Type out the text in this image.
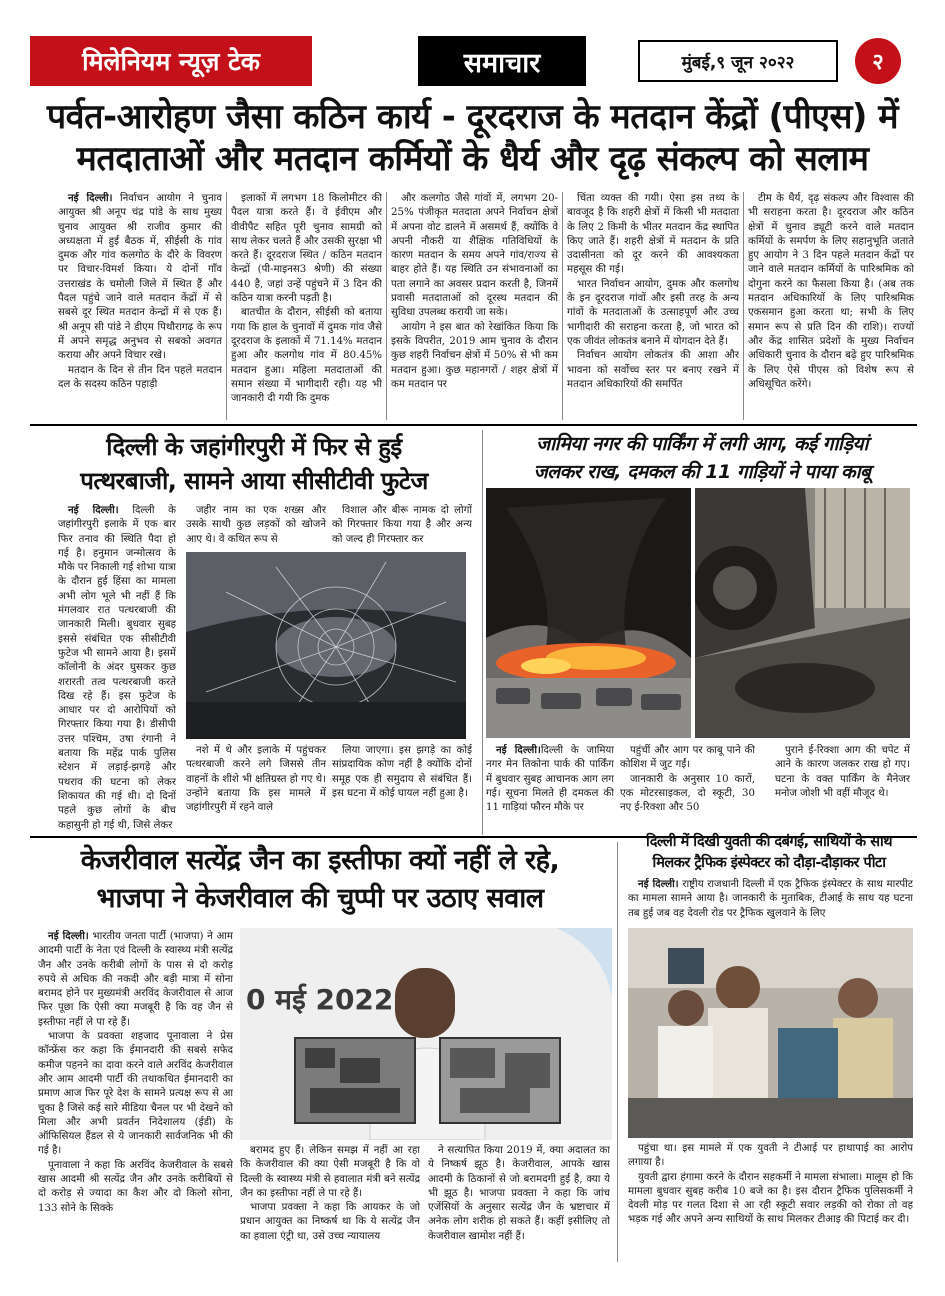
मिलेनियम न्यूज़ टेक	समाचार	मुंबई,९ जून २०२२	२
पर्वत-आरोहण जैसा कठिन कार्य - दूरदराज के मतदान केंद्रों (पीएस) में
मतदाताओं और मतदान कर्मियों के धैर्य और दृढ़ संकल्प को सलाम

नई दिल्ली। निर्वाचन आयोग ने चुनाव आयुक्त श्री अनूप चंद्र पांडे के साथ मुख्य चुनाव आयुक्त श्री राजीव कुमार की अध्यक्षता में हुई बैठक में, सीईसी के गांव दुमक और गांव कलगोठ के दौरे के विवरण पर विचार-विमर्श किया। ये दोनों गाँव उत्तराखंड के चमोली जिले में स्थित हैं और पैदल पहुंचे जाने वाले मतदान केंद्रों में से सबसे दूर स्थित मतदान केन्द्रों में से एक हैं। श्री अनूप सी पांडे ने डीएम पिथौरागढ़ के रूप में अपने समृद्ध अनुभव से सबको अवगत कराया और अपने विचार रखे।

मतदान के दिन से तीन दिन पहले मतदान दल के सदस्य कठिन पहाड़ी

इलाकों में लगभग 18 किलोमीटर की पैदल यात्रा करते हैं। वे ईवीएम और वीवीपैट सहित पूरी चुनाव सामग्री को साथ लेकर चलते हैं और उसकी सुरक्षा भी करते हैं। दूरदराज स्थित / कठिन मतदान केन्द्रों (पी-माइनस3 श्रेणी) की संख्या 440 है, जहां उन्हें पहुंचने में 3 दिन की कठिन यात्रा करनी पड़ती है।

बातचीत के दौरान, सीईसी को बताया गया कि हाल के चुनावों में दुमक गांव जैसे दूरदराज के इलाकों में 71.14% मतदान हुआ और कलगोथ गांव में 80.45% मतदान हुआ। महिला मतदाताओं की समान संख्या में भागीदारी रही। यह भी जानकारी दी गयी कि दुमक

और कलगोठ जैसे गांवों में, लगभग 20-25% पंजीकृत मतदाता अपने निर्वाचन क्षेत्रों में अपना वोट डालने में असमर्थ हैं, क्योंकि वे अपनी नौकरी या शैक्षिक गतिविधियों के कारण मतदान के समय अपने गांव/राज्य से बाहर होते हैं। यह स्थिति उन संभावनाओं का पता लगाने का अवसर प्रदान करती है, जिनमें प्रवासी मतदाताओं को दूरस्थ मतदान की सुविधा उपलब्ध करायी जा सके।

आयोग ने इस बात को रेखांकित किया कि इसके विपरीत, 2019 आम चुनाव के दौरान कुछ शहरी निर्वाचन क्षेत्रों में 50% से भी कम मतदान हुआ। कुछ महानगरों / शहर क्षेत्रों में कम मतदान पर

चिंता व्यक्त की गयी। ऐसा इस तथ्य के बावजूद है कि शहरी क्षेत्रों में किसी भी मतदाता के लिए 2 किमी के भीतर मतदान केंद्र स्थापित किए जाते हैं। शहरी क्षेत्रों में मतदान के प्रति उदासीनता को दूर करने की आवश्यकता महसूस की गई।

भारत निर्वाचन आयोग, दुमक और कलगोथ के इन दूरदराज गांवों और इसी तरह के अन्य गांवों के मतदाताओं के उत्साहपूर्ण और उच्च भागीदारी की सराहना करता है, जो भारत को एक जीवंत लोकतंत्र बनाने में योगदान देते हैं।

निर्वाचन आयोग लोकतंत्र की आशा और भावना को सर्वोच्च स्तर पर बनाए रखने में मतदान अधिकारियों की समर्पित

टीम के धैर्य, दृढ़ संकल्प और विश्वास की भी सराहना करता है। दूरदराज और कठिन क्षेत्रों में चुनाव ड्यूटी करने वाले मतदान कर्मियों के समर्पण के लिए सहानुभूति जताते हुए आयोग ने 3 दिन पहले मतदान केंद्रों पर जाने वाले मतदान कर्मियों के पारिश्रमिक को दोगुना करने का फैसला किया है। (अब तक मतदान अधिकारियों के लिए पारिश्रमिक एकसमान हुआ करता था; सभी के लिए समान रूप से प्रति दिन की राशि)। राज्यों और केंद्र शासित प्रदेशों के मुख्य निर्वाचन अधिकारी चुनाव के दौरान बढ़े हुए पारिश्रमिक के लिए ऐसे पीएस को विशेष रूप से अधिसूचित करेंगे।

दिल्ली के जहांगीरपुरी में फिर से हुई
पत्थरबाजी, सामने आया सीसीटीवी फुटेज

नई दिल्ली। दिल्ली के जहांगीरपुरी इलाके में एक बार फिर तनाव की स्थिति पैदा हो गई है। हनुमान जन्मोत्सव के मौके पर निकाली गई शोभा यात्रा के दौरान हुई हिंसा का मामला अभी लोग भूले भी नहीं हैं कि मंगलवार रात पत्थरबाजी की जानकारी मिली। बुधवार सुबह इससे संबंधित एक सीसीटीवी फुटेज भी सामने आया है। इसमें कॉलोनी के अंदर घुसकर कुछ शरारती तत्व पत्थरबाजी करते दिख रहे हैं। इस फुटेज के आधार पर दो आरोपियों को गिरफ्तार किया गया है। डीसीपी उत्तर पश्चिम, उषा रंगानी ने बताया कि महेंद्र पार्क पुलिस स्टेशन में लड़ाई-झगड़े और पथराव की घटना को लेकर शिकायत की गई थी। दो दिनों पहले कुछ लोगों के बीच कहासुनी हो गई थी, जिसे लेकर

जहीर नाम का एक शख्स और उसके साथी कुछ लड़कों को खोजने आए थे। वे कथित रूप से

विशाल और बीरू नामक दो लोगों को गिरफ्तार किया गया है और अन्य को जल्द ही गिरफ्तार कर

नशे में थे और इलाके में पहुंचकर पत्थरबाजी करने लगे जिससे तीन वाहनों के शीशे भी क्षतिग्रस्त हो गए थे। उन्होंने बताया कि इस मामले में जहांगीरपुरी में रहने वाले

लिया जाएगा। इस झगड़े का कोई सांप्रदायिक कोण नहीं है क्योंकि दोनों समूह एक ही समुदाय से संबंधित हैं। इस घटना में कोई घायल नहीं हुआ है।

जामिया नगर की पार्किंग में लगी आग, कई गाड़ियां
जलकर राख, दमकल की 11 गाड़ियों ने पाया काबू

नई दिल्ली।दिल्ली के जामिया नगर मेन तिकोना पार्क की पार्किंग में बुधवार सुबह आचानक आग लग गई। सूचना मिलते ही दमकल की 11 गाड़ियां फौरन मौके पर

पहुंचीं और आग पर काबू पाने की कोशिश में जुट गईं।

जानकारी के अनुसार 10 कारों, एक मोटरसाइकल, दो स्कूटी, 30 नए ई-रिक्शा और 50

पुराने ई-रिक्शा आग की चपेट में आने के कारण जलकर राख हो गए। घटना के वक्त पार्किंग के मैनेजर मनोज जोशी भी वहीं मौजूद थे।

केजरीवाल सत्येंद्र जैन का इस्तीफा क्यों नहीं ले रहे,
भाजपा ने केजरीवाल की चुप्पी पर उठाए सवाल

नई दिल्ली। भारतीय जनता पार्टी (भाजपा) ने आम आदमी पार्टी के नेता एवं दिल्ली के स्वास्थ्य मंत्री सत्येंद्र जैन और उनके करीबी लोगों के पास से दो करोड़ रुपये से अधिक की नकदी और बड़ी मात्रा में सोना बरामद होने पर मुख्यमंत्री अरविंद केजरीवाल से आज फिर पूछा कि ऐसी क्या मजबूरी है कि वह जैन से इस्तीफा नहीं ले पा रहे हैं।

भाजपा के प्रवक्ता शहजाद पूनावाला ने प्रेस कॉन्फ्रेंस कर कहा कि ईमानदारी की सबसे सफेद कमीज पहनने का दावा करने वाले अरविंद केजरीवाल और आम आदमी पार्टी की तथाकथित ईमानदारी का प्रमाण आज फिर पूरे देश के सामने प्रत्यक्ष रूप से आ चुका है जिसे कई सारे मीडिया चैनल पर भी देखने को मिला और अभी प्रवर्तन निदेशालय (ईडी) के ऑफिसियल हैंडल से ये जानकारी सार्वजनिक भी की गई है।

पूनावाला ने कहा कि अरविंद केजरीवाल के सबसे खास आदमी श्री सत्येंद्र जैन और उनके करीबियों से दो करोड़ से ज्यादा का कैश और दो किलो सोना, 133 सोने के सिक्के

0 मई 2022

बरामद हुए हैं। लेकिन समझ में नहीं आ रहा कि केजरीवाल की क्या ऐसी मजबूरी है कि वो दिल्ली के स्वास्थ्य मंत्री से हवालात मंत्री बने सत्येंद्र जैन का इस्तीफा नहीं ले पा रहे हैं।

भाजपा प्रवक्ता ने कहा कि आयकर के जो प्रधान आयुक्त का निष्कर्ष था कि ये सत्येंद्र जैन का हवाला एंट्री था, उसे उच्च न्यायालय

ने सत्यापित किया 2019 में, क्या अदालत का ये निष्कर्ष झूठ है। केजरीवाल, आपके खास आदमी के ठिकानों से जो बरामदगी हुई है, क्या ये भी झूठ है। भाजपा प्रवक्ता ने कहा कि जांच एजेंसियों के अनुसार सत्येंद्र जैन के भ्रष्टाचार में अनेक लोग शरीक हो सकते हैं। कहीं इसीलिए तो केजरीवाल खामोश नहीं हैं।

दिल्ली में दिखी युवती की दबंगई, साथियों के साथ
मिलकर ट्रैफिक इंस्पेक्टर को दौड़ा-दौड़ाकर पीटा

नई दिल्ली। राष्ट्रीय राजधानी दिल्ली में एक ट्रैफिक इंस्पेक्टर के साथ मारपीट का मामला सामने आया है। जानकारी के मुताबिक, टीआई के साथ यह घटना तब हुई जब वह देवली रोड पर ट्रैफिक खुलवाने के लिए

पहुंचा था। इस मामले में एक युवती ने टीआई पर हाथापाई का आरोप लगाया है।

युवती द्वारा हंगामा करने के दौरान सहकर्मी ने मामला संभाला। मालूम हो कि मामला बुधवार सुबह करीब 10 बजे का है। इस दौरान ट्रैफिक पुलिसकर्मी ने देवली मोड़ पर गलत दिशा से आ रही स्कूटी सवार लड़की को रोका तो वह भड़क गई और अपने अन्य साथियों के साथ मिलकर टीआइ की पिटाई कर दी।
